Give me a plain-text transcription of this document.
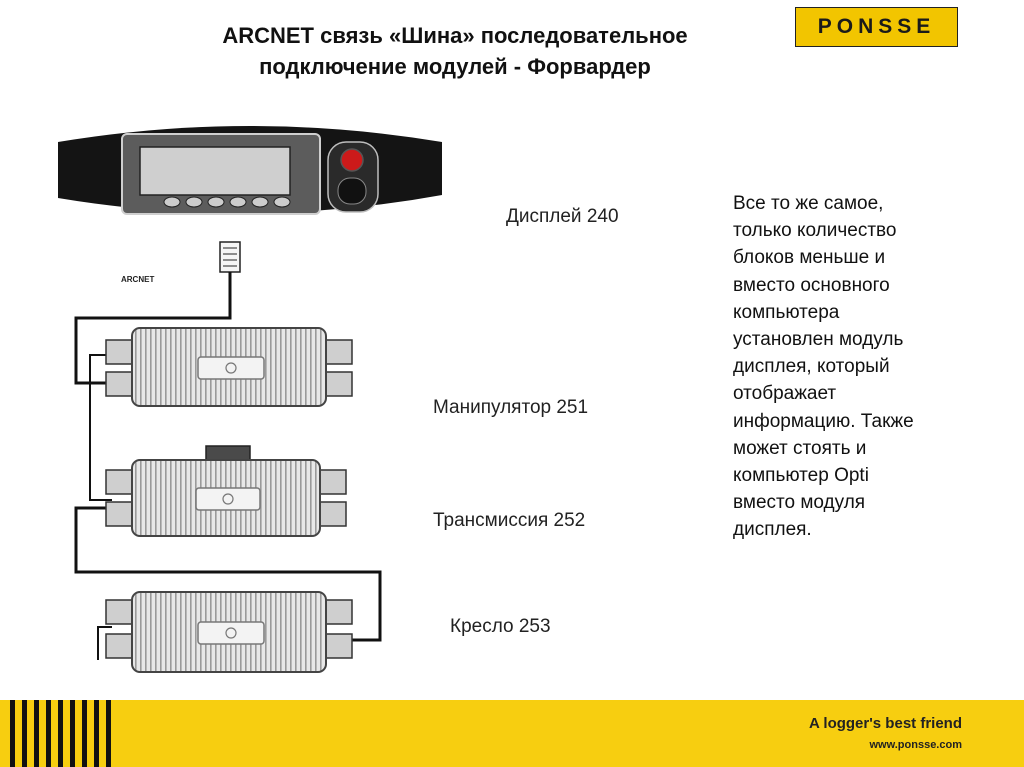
ARCNET связь «Шина» последовательное
подключение модулей - Форвардер
PONSSE
ARCNET
Дисплей 240
Манипулятор 251
Трансмиссия 252
Кресло 253
Все то же самое,
только количество
блоков меньше и
вместо основного
компьютера
установлен модуль
дисплея, который
отображает
информацию. Также
может стоять и
компьютер Opti
вместо модуля
дисплея.
A logger's best friend
www.ponsse.com
